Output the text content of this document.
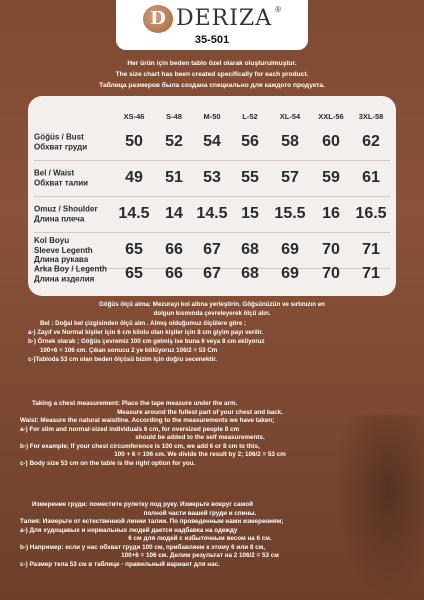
D DERIZA ®
35-501
Her ürün için beden tablo özel olarak oluşturulmuştur.
The size chart has been created specifically for each product.
Таблица размеров была создана специально для каждого продукта.
XS-46	S-48	M-50	L-52	XL-54 XXL-56 3XL-58
Göğüs / Bust
Обхват груди 50 52 54 56 58 60 62
Bel / Waist
Обхват талии 49 51 53 55 57 59 61
Omuz / Shoulder
Длина плеча	14.5 14 14.5 15 15.5 16 16.5
Kol Boyu
Sleeve Legenth
Длина рукава
65 66 67 68 69 70 71
Arka Boy / Legenth
Длина изделия	65 66 67 68 69 70 71
Göğüs ölçü alma: Mezurayı kol altına yerleştirin. Göğsünüzün ve sırtınızın en
dolgun kısmında çevreleyerek ölçü alın.
Bel : Doğal bel çizgisinden ölçü alın . Almış olduğumuz ölçülere göre ;
a-) Zayıf ve Normal kişiler için 6 cm kilolu olan kişiler için 8 cm giyim payı verilir.
b-) Örnek olarak ; Göğüs çevremiz 100 cm gelmiş ise buna 6 veya 8 cm ekliyoruz
100+6 = 106 cm. Çıkan sonucu 2 ye bölüyoruz 106/2 = 53 Cm
c-)Tabloda 53 cm olan beden ölçüsü bizim için doğru secenektir.
Taking a chest measurement: Place the tape measure under the arm.
Measure around the fullest part of your chest and back.
Waist: Measure the natural waistline. According to the measurements we have taken;
a-) For slim and normal-sized individuals 6 cm, for oversized people 8 cm
should be added to the self measurements.
b-) For example; If your chest circumference is 100 cm, we add 6 or 8 cm to this,
100 + 6 = 106 cm. We divide the result by 2; 106/2 = 53 cm
c-) Body size 53 cm on the table is the right option for you.
Измерение груди: поместите рулетку под руку. Измерьте вокруг самой
полной части вашей груди и спины.
Талия: Измерьте от естественной линии талии. По проведенным нами измерениям;
а-) Для худощавых и нормальных людей дается надбавка на одежду
6 см для людей с избыточным весом на 6 см.
b-) Например: если у нас обхват груди 100 см, прибавляем к этому 6 или 8 см,
100+6 = 106 см. Делим результат на 2 106/2 = 53 см
c-) Размер тела 53 см в таблице - правильный вариант для нас.
